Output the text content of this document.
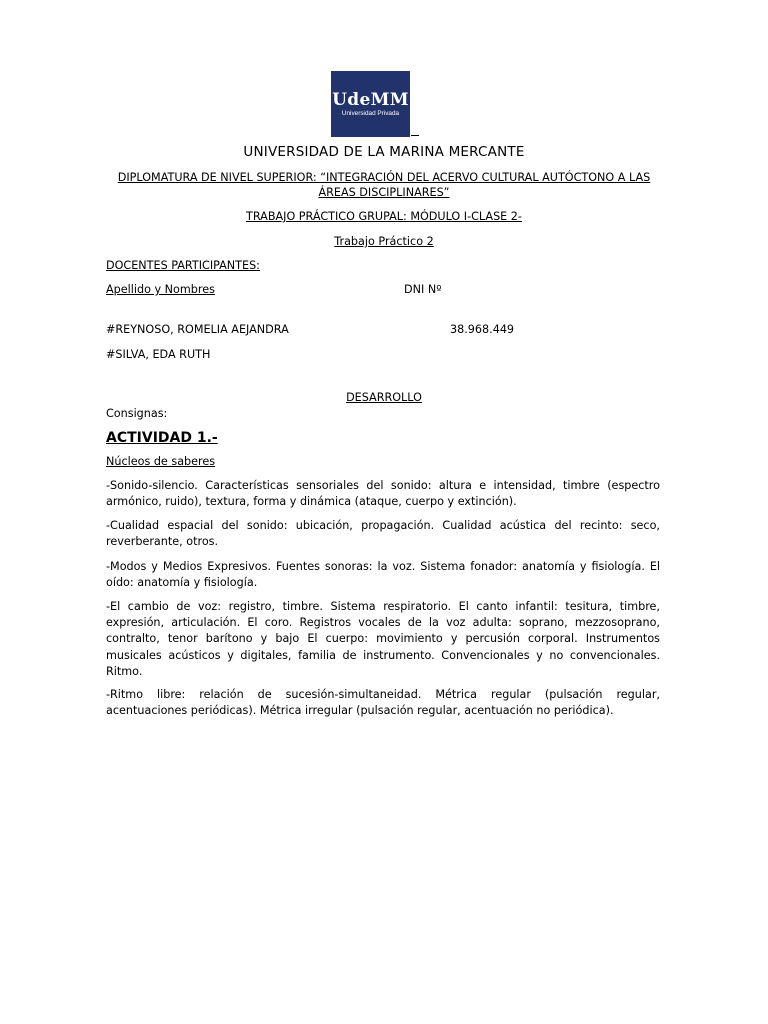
UdeMM
Universidad Privada
UNIVERSIDAD DE LA MARINA MERCANTE
DIPLOMATURA DE NIVEL SUPERIOR: “INTEGRACIÓN DEL ACERVO CULTURAL AUTÓCTONO A LAS ÁREAS DISCIPLINARES”
TRABAJO PRÁCTICO GRUPAL: MÓDULO I-CLASE 2-
Trabajo Práctico 2
DOCENTES PARTICIPANTES:
Apellido y Nombres	DNI Nº
#REYNOSO, ROMELIA AEJANDRA	38.968.449
#SILVA, EDA RUTH
DESARROLLO
Consignas:
ACTIVIDAD 1.-
Núcleos de saberes
-Sonido-silencio. Características sensoriales del sonido: altura e intensidad, timbre (espectro armónico, ruido), textura, forma y dinámica (ataque, cuerpo y extinción).
-Cualidad espacial del sonido: ubicación, propagación. Cualidad acústica del recinto: seco, reverberante, otros.
-Modos y Medios Expresivos. Fuentes sonoras: la voz. Sistema fonador: anatomía y fisiología. El oído: anatomía y fisiología.
-El cambio de voz: registro, timbre. Sistema respiratorio. El canto infantil: tesitura, timbre, expresión, articulación. El coro. Registros vocales de la voz adulta: soprano, mezzosoprano, contralto, tenor barítono y bajo El cuerpo: movimiento y percusión corporal. Instrumentos musicales acústicos y digitales, familia de instrumento. Convencionales y no convencionales. Ritmo.
-Ritmo libre: relación de sucesión-simultaneidad. Métrica regular (pulsación regular, acentuaciones periódicas). Métrica irregular (pulsación regular, acentuación no periódica).
